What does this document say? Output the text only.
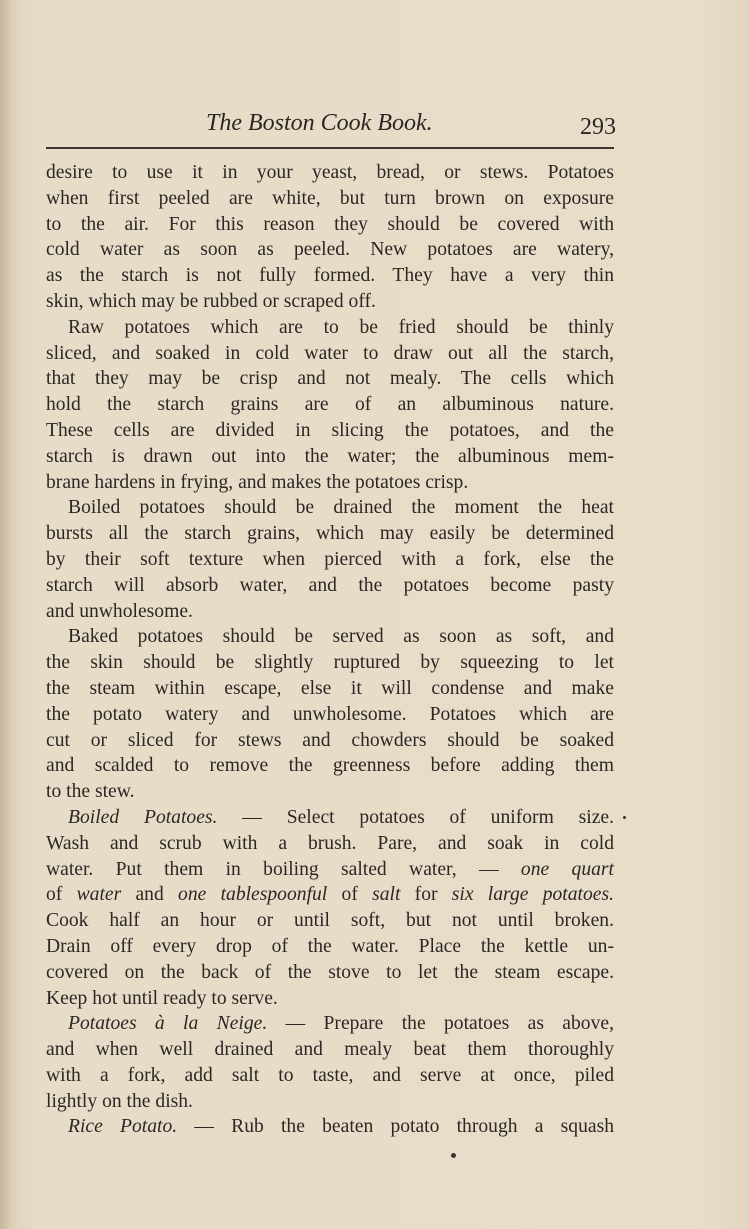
The Boston Cook Book.	293
desire to use it in your yeast, bread, or stews. Potatoes
when first peeled are white, but turn brown on exposure
to the air. For this reason they should be covered with
cold water as soon as peeled. New potatoes are watery,
as the starch is not fully formed. They have a very thin
skin, which may be rubbed or scraped off.
Raw potatoes which are to be fried should be thinly
sliced, and soaked in cold water to draw out all the starch,
that they may be crisp and not mealy. The cells which
hold the starch grains are of an albuminous nature.
These cells are divided in slicing the potatoes, and the
starch is drawn out into the water; the albuminous mem-
brane hardens in frying, and makes the potatoes crisp.
Boiled potatoes should be drained the moment the heat
bursts all the starch grains, which may easily be determined
by their soft texture when pierced with a fork, else the
starch will absorb water, and the potatoes become pasty
and unwholesome.
Baked potatoes should be served as soon as soft, and
the skin should be slightly ruptured by squeezing to let
the steam within escape, else it will condense and make
the potato watery and unwholesome. Potatoes which are
cut or sliced for stews and chowders should be soaked
and scalded to remove the greenness before adding them
to the stew.
Boiled Potatoes. — Select potatoes of uniform size.
Wash and scrub with a brush. Pare, and soak in cold
water. Put them in boiling salted water, — one quart
of water and one tablespoonful of salt for six large potatoes.
Cook half an hour or until soft, but not until broken.
Drain off every drop of the water. Place the kettle un-
covered on the back of the stove to let the steam escape.
Keep hot until ready to serve.
Potatoes à la Neige. — Prepare the potatoes as above,
and when well drained and mealy beat them thoroughly
with a fork, add salt to taste, and serve at once, piled
lightly on the dish.
Rice Potato. — Rub the beaten potato through a squash
